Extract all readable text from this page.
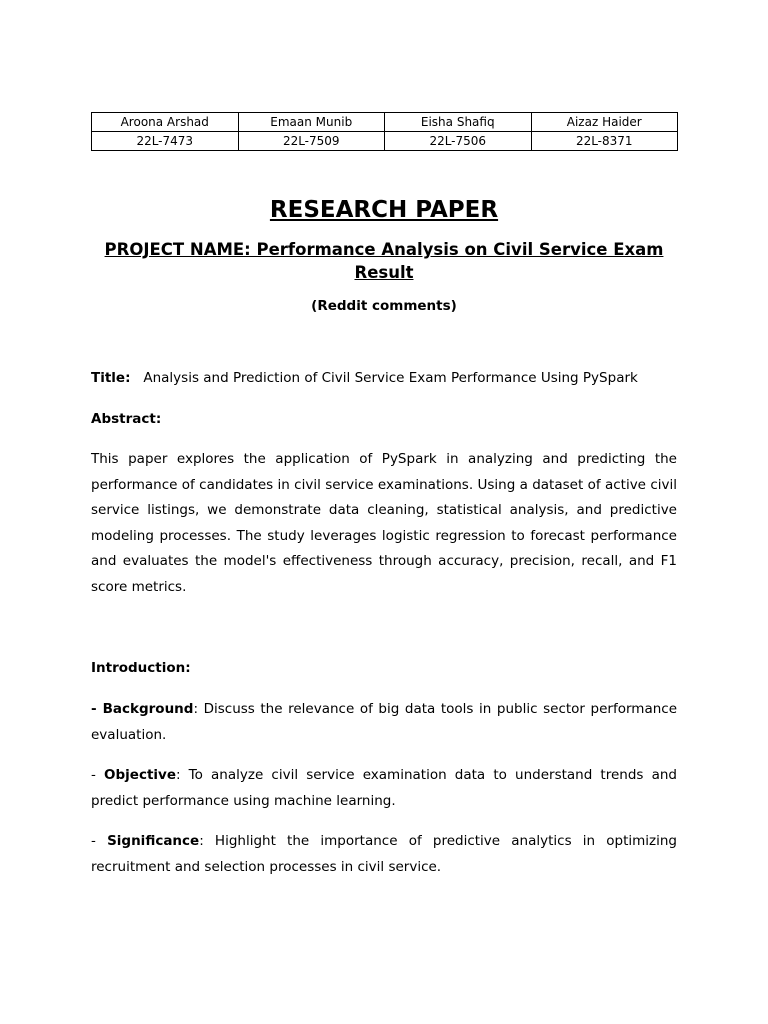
Aroona Arshad	Emaan Munib	Eisha Shafiq	Aizaz Haider
22L-7473	22L-7509	22L-7506	22L-8371
RESEARCH PAPER
PROJECT NAME: Performance Analysis on Civil Service Exam Result
(Reddit comments)

Title: Analysis and Prediction of Civil Service Exam Performance Using PySpark

Abstract:

This paper explores the application of PySpark in analyzing and predicting the performance of candidates in civil service examinations. Using a dataset of active civil service listings, we demonstrate data cleaning, statistical analysis, and predictive modeling processes. The study leverages logistic regression to forecast performance and evaluates the model's effectiveness through accuracy, precision, recall, and F1 score metrics.

Introduction:

- Background: Discuss the relevance of big data tools in public sector performance evaluation.

- Objective: To analyze civil service examination data to understand trends and predict performance using machine learning.

- Significance: Highlight the importance of predictive analytics in optimizing recruitment and selection processes in civil service.
